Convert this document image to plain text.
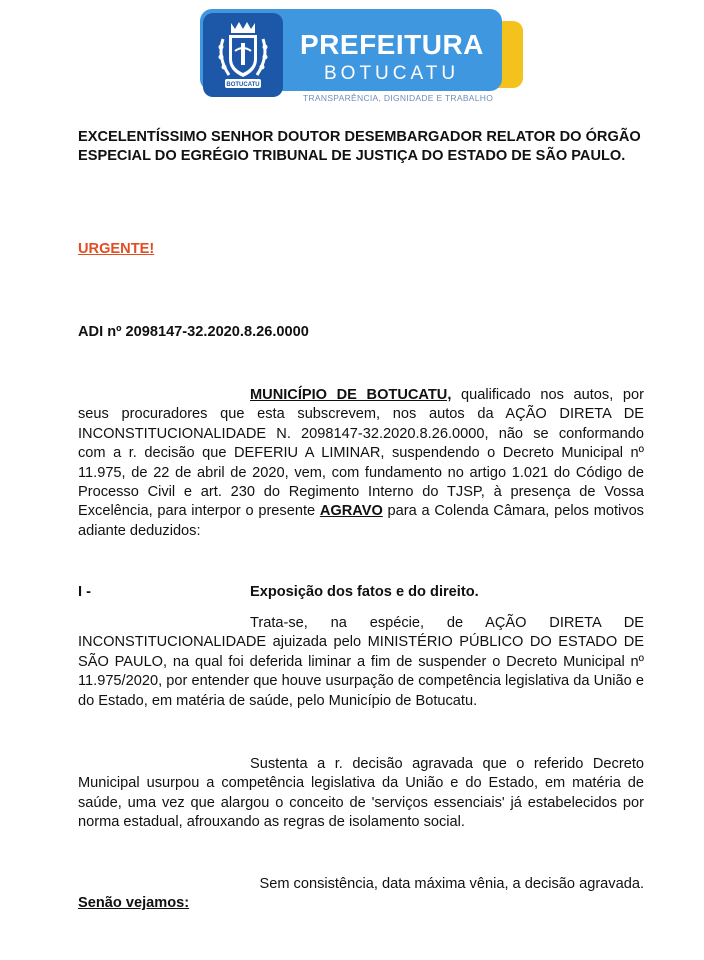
BOTUCATU
PREFEITURA
BOTUCATU
TRANSPARÊNCIA, DIGNIDADE E TRABALHO
EXCELENTÍSSIMO SENHOR DOUTOR DESEMBARGADOR RELATOR DO ÓRGÃO ESPECIAL DO EGRÉGIO TRIBUNAL DE JUSTIÇA DO ESTADO DE SÃO PAULO.
URGENTE!
ADI nº 2098147-32.2020.8.26.0000
MUNICÍPIO DE BOTUCATU, qualificado nos autos, por seus procuradores que esta subscrevem, nos autos da AÇÃO DIRETA DE INCONSTITUCIONALIDADE N. 2098147-32.2020.8.26.0000, não se conformando com a r. decisão que DEFERIU A LIMINAR, suspendendo o Decreto Municipal nº 11.975, de 22 de abril de 2020, vem, com fundamento no artigo 1.021 do Código de Processo Civil e art. 230 do Regimento Interno do TJSP, à presença de Vossa Excelência, para interpor o presente AGRAVO para a Colenda Câmara, pelos motivos adiante deduzidos:
I -	Exposição dos fatos e do direito.
Trata-se, na espécie, de AÇÃO DIRETA DE INCONSTITUCIONALIDADE ajuizada pelo MINISTÉRIO PÚBLICO DO ESTADO DE SÃO PAULO, na qual foi deferida liminar a fim de suspender o Decreto Municipal nº 11.975/2020, por entender que houve usurpação de competência legislativa da União e do Estado, em matéria de saúde, pelo Município de Botucatu.
Sustenta a r. decisão agravada que o referido Decreto Municipal usurpou a competência legislativa da União e do Estado, em matéria de saúde, uma vez que alargou o conceito de 'serviços essenciais' já estabelecidos por norma estadual, afrouxando as regras de isolamento social.
Sem consistência, data máxima vênia, a decisão agravada.
Senão vejamos:
